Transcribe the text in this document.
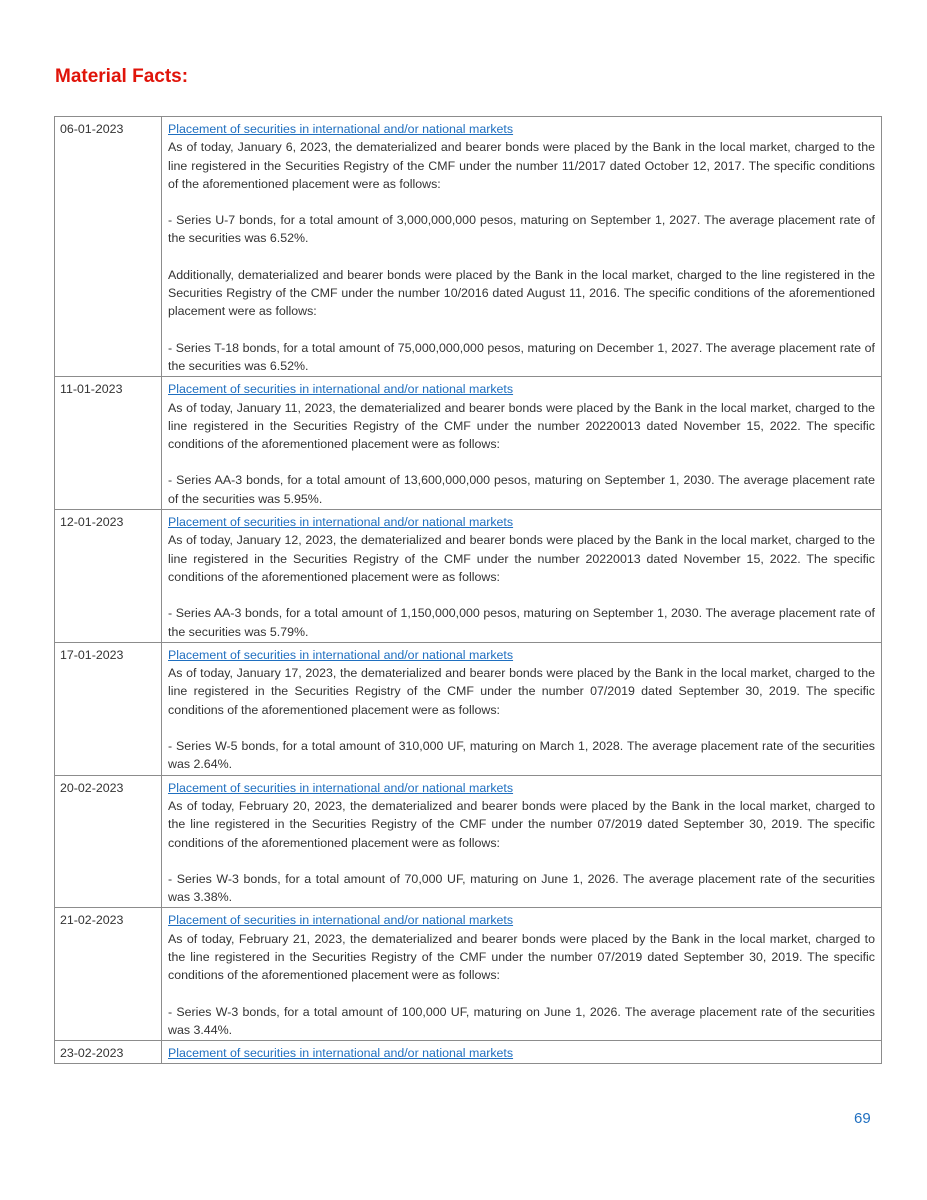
Material Facts:
06-01-2023	Placement of securities in international and/or national markets
As of today, January 6, 2023, the dematerialized and bearer bonds were placed by the Bank in the local market, charged to the line registered in the Securities Registry of the CMF under the number 11/2017 dated October 12, 2017. The specific conditions of the aforementioned placement were as follows:
- Series U-7 bonds, for a total amount of 3,000,000,000 pesos, maturing on September 1, 2027. The average placement rate of the securities was 6.52%.
Additionally, dematerialized and bearer bonds were placed by the Bank in the local market, charged to the line registered in the Securities Registry of the CMF under the number 10/2016 dated August 11, 2016. The specific conditions of the aforementioned placement were as follows:
- Series T-18 bonds, for a total amount of 75,000,000,000 pesos, maturing on December 1, 2027. The average placement rate of the securities was 6.52%.

11-01-2023	Placement of securities in international and/or national markets
As of today, January 11, 2023, the dematerialized and bearer bonds were placed by the Bank in the local market, charged to the line registered in the Securities Registry of the CMF under the number 20220013 dated November 15, 2022. The specific conditions of the aforementioned placement were as follows:
- Series AA-3 bonds, for a total amount of 13,600,000,000 pesos, maturing on September 1, 2030. The average placement rate of the securities was 5.95%.

12-01-2023	Placement of securities in international and/or national markets
As of today, January 12, 2023, the dematerialized and bearer bonds were placed by the Bank in the local market, charged to the line registered in the Securities Registry of the CMF under the number 20220013 dated November 15, 2022. The specific conditions of the aforementioned placement were as follows:
- Series AA-3 bonds, for a total amount of 1,150,000,000 pesos, maturing on September 1, 2030. The average placement rate of the securities was 5.79%.

17-01-2023	Placement of securities in international and/or national markets
As of today, January 17, 2023, the dematerialized and bearer bonds were placed by the Bank in the local market, charged to the line registered in the Securities Registry of the CMF under the number 07/2019 dated September 30, 2019. The specific conditions of the aforementioned placement were as follows:
- Series W-5 bonds, for a total amount of 310,000 UF, maturing on March 1, 2028. The average placement rate of the securities was 2.64%.

20-02-2023	Placement of securities in international and/or national markets
As of today, February 20, 2023, the dematerialized and bearer bonds were placed by the Bank in the local market, charged to the line registered in the Securities Registry of the CMF under the number 07/2019 dated September 30, 2019. The specific conditions of the aforementioned placement were as follows:
- Series W-3 bonds, for a total amount of 70,000 UF, maturing on June 1, 2026. The average placement rate of the securities was 3.38%.

21-02-2023	Placement of securities in international and/or national markets
As of today, February 21, 2023, the dematerialized and bearer bonds were placed by the Bank in the local market, charged to the line registered in the Securities Registry of the CMF under the number 07/2019 dated September 30, 2019. The specific conditions of the aforementioned placement were as follows:
- Series W-3 bonds, for a total amount of 100,000 UF, maturing on June 1, 2026. The average placement rate of the securities was 3.44%.

23-02-2023	Placement of securities in international and/or national markets
69
